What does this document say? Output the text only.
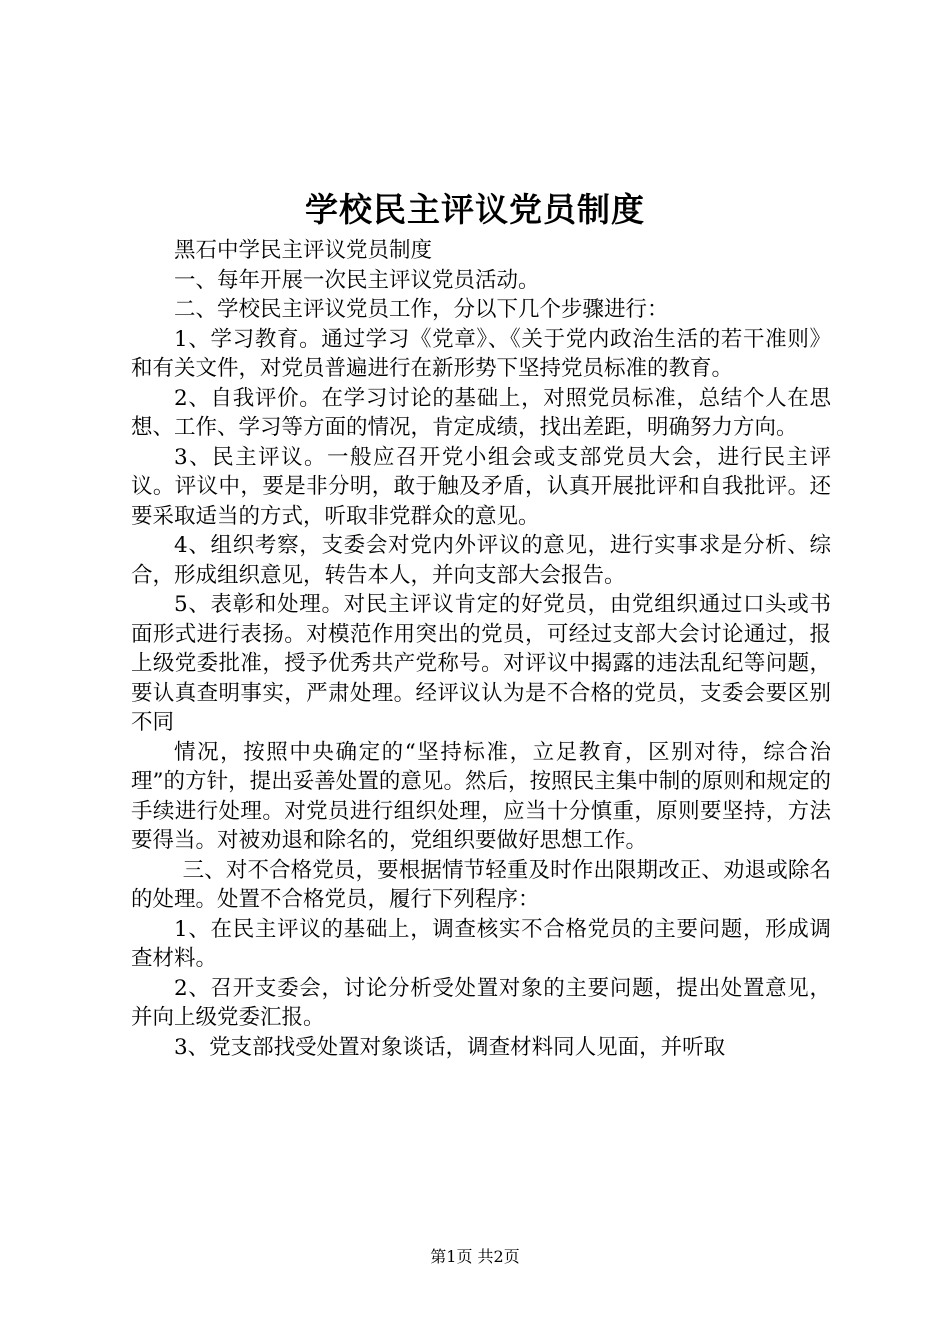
学校民主评议党员制度

黑石中学民主评议党员制度

一、每年开展一次民主评议党员活动。

二、学校民主评议党员工作，分以下几个步骤进行：

1、学习教育。通过学习《党章》、《关于党内政治生活的若干准则》和有关文件，对党员普遍进行在新形势下坚持党员标准的教育。

2、自我评价。在学习讨论的基础上，对照党员标准，总结个人在思想、工作、学习等方面的情况，肯定成绩，找出差距，明确努力方向。

3、民主评议。一般应召开党小组会或支部党员大会，进行民主评议。评议中，要是非分明，敢于触及矛盾，认真开展批评和自我批评。还要采取适当的方式，听取非党群众的意见。

4、组织考察，支委会对党内外评议的意见，进行实事求是分析、综合，形成组织意见，转告本人，并向支部大会报告。

5、表彰和处理。对民主评议肯定的好党员，由党组织通过口头或书面形式进行表扬。对模范作用突出的党员，可经过支部大会讨论通过，报上级党委批准，授予优秀共产党称号。对评议中揭露的违法乱纪等问题，要认真查明事实，严肃处理。经评议认为是不合格的党员，支委会要区别不同

情况，按照中央确定的“坚持标准，立足教育，区别对待，综合治理”的方针，提出妥善处置的意见。然后，按照民主集中制的原则和规定的手续进行处理。对党员进行组织处理，应当十分慎重，原则要坚持，方法要得当。对被劝退和除名的，党组织要做好思想工作。

三、对不合格党员，要根据情节轻重及时作出限期改正、劝退或除名的处理。处置不合格党员，履行下列程序：

1、在民主评议的基础上，调查核实不合格党员的主要问题，形成调查材料。

2、召开支委会，讨论分析受处置对象的主要问题，提出处置意见，并向上级党委汇报。

3、党支部找受处置对象谈话，调查材料同人见面，并听取

第1页 共2页
